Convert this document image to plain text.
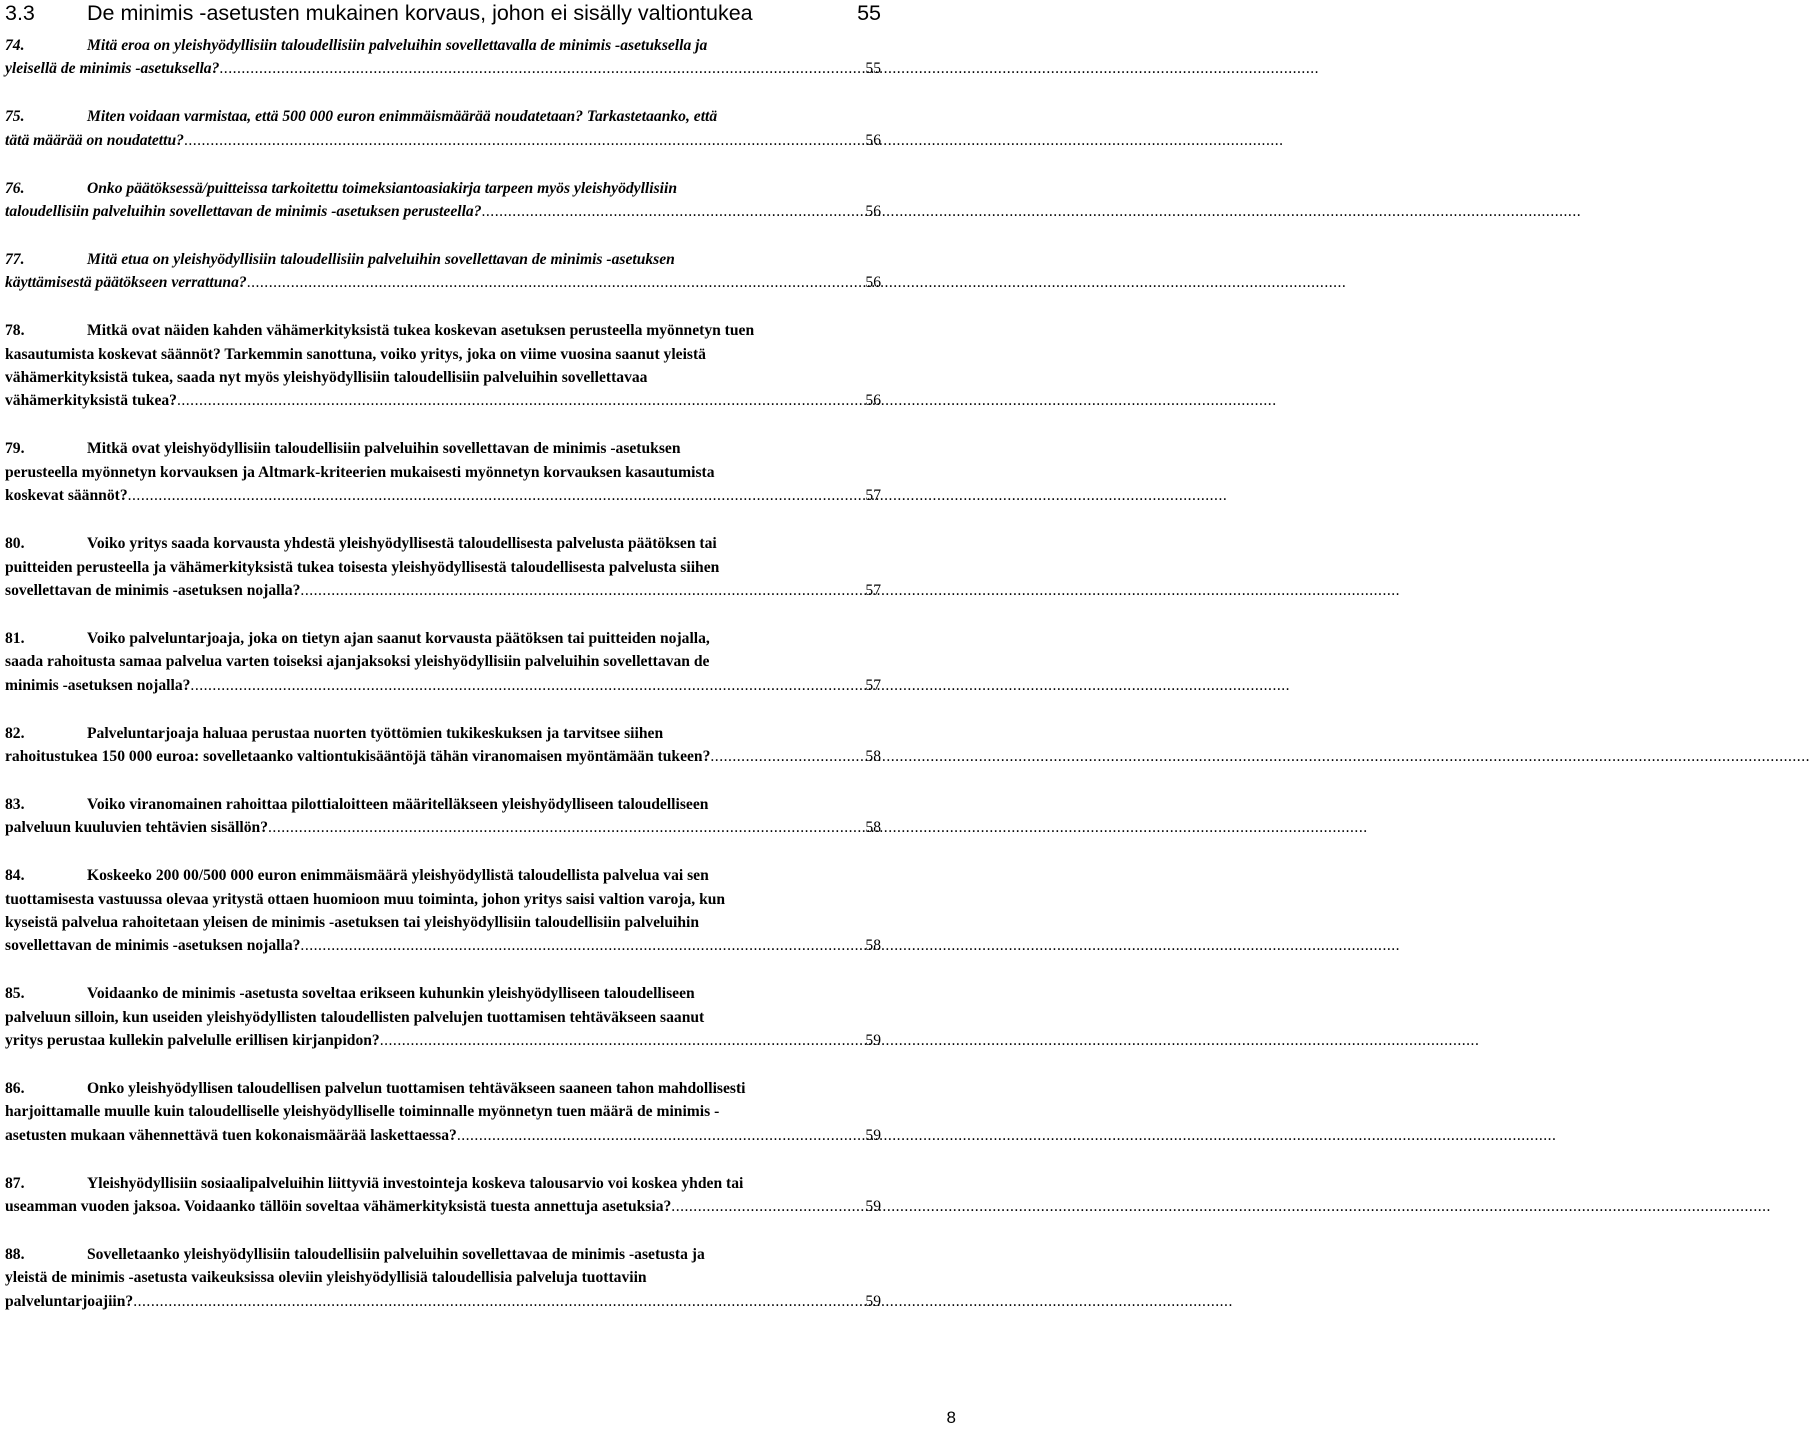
3.3 De minimis -asetusten mukainen korvaus, johon ei sisälly valtiontukea	55
74.	Mitä eroa on yleishyödyllisiin taloudellisiin palveluihin sovellettavalla de minimis -asetuksella ja
yleisellä de minimis -asetuksella? .....	55
75.	Miten voidaan varmistaa, että 500 000 euron enimmäismäärää noudatetaan? Tarkastetaanko, että
tätä määrää on noudatettu? .....	56
76.	Onko päätöksessä/puitteissa tarkoitettu toimeksiantoasiakirja tarpeen myös yleishyödyllisiin
taloudellisiin palveluihin sovellettavan de minimis -asetuksen perusteella? .....	56
77.	Mitä etua on yleishyödyllisiin taloudellisiin palveluihin sovellettavan de minimis -asetuksen
käyttämisestä päätökseen verrattuna? .....	56
78.	Mitkä ovat näiden kahden vähämerkityksistä tukea koskevan asetuksen perusteella myönnetyn tuen
kasautumista koskevat säännöt? Tarkemmin sanottuna, voiko yritys, joka on viime vuosina saanut yleistä
vähämerkityksistä tukea, saada nyt myös yleishyödyllisiin taloudellisiin palveluihin sovellettavaa
vähämerkityksistä tukea? .....	56
79.	Mitkä ovat yleishyödyllisiin taloudellisiin palveluihin sovellettavan de minimis -asetuksen
perusteella myönnetyn korvauksen ja Altmark-kriteerien mukaisesti myönnetyn korvauksen kasautumista
koskevat säännöt? .....	57
80.	Voiko yritys saada korvausta yhdestä yleishyödyllisestä taloudellisesta palvelusta päätöksen tai
puitteiden perusteella ja vähämerkityksistä tukea toisesta yleishyödyllisestä taloudellisesta palvelusta siihen
sovellettavan de minimis -asetuksen nojalla? .....	57
81.	Voiko palveluntarjoaja, joka on tietyn ajan saanut korvausta päätöksen tai puitteiden nojalla,
saada rahoitusta samaa palvelua varten toiseksi ajanjaksoksi yleishyödyllisiin palveluihin sovellettavan de
minimis -asetuksen nojalla? .....	57
82.	Palveluntarjoaja haluaa perustaa nuorten työttömien tukikeskuksen ja tarvitsee siihen
rahoitustukea 150 000 euroa: sovelletaanko valtiontukisääntöjä tähän viranomaisen myöntämään tukeen? .....	58
83.	Voiko viranomainen rahoittaa pilottialoitteen määritelläkseen yleishyödylliseen taloudelliseen
palveluun kuuluvien tehtävien sisällön? .....	58
84.	Koskeeko 200 00/500 000 euron enimmäismäärä yleishyödyllistä taloudellista palvelua vai sen
tuottamisesta vastuussa olevaa yritystä ottaen huomioon muu toiminta, johon yritys saisi valtion varoja, kun
kyseistä palvelua rahoitetaan yleisen de minimis -asetuksen tai yleishyödyllisiin taloudellisiin palveluihin
sovellettavan de minimis -asetuksen nojalla? .....	58
85.	Voidaanko de minimis -asetusta soveltaa erikseen kuhunkin yleishyödylliseen taloudelliseen
palveluun silloin, kun useiden yleishyödyllisten taloudellisten palvelujen tuottamisen tehtäväkseen saanut
yritys perustaa kullekin palvelulle erillisen kirjanpidon? .....	59
86.	Onko yleishyödyllisen taloudellisen palvelun tuottamisen tehtäväkseen saaneen tahon mahdollisesti
harjoittamalle muulle kuin taloudelliselle yleishyödylliselle toiminnalle myönnetyn tuen määrä de minimis -
asetusten mukaan vähennettävä tuen kokonaismäärää laskettaessa? .....	59
87.	Yleishyödyllisiin sosiaalipalveluihin liittyviä investointeja koskeva talousarvio voi koskea yhden tai
useamman vuoden jaksoa. Voidaanko tällöin soveltaa vähämerkityksistä tuesta annettuja asetuksia? .....	59
88.	Sovelletaanko yleishyödyllisiin taloudellisiin palveluihin sovellettavaa de minimis -asetusta ja
yleistä de minimis -asetusta vaikeuksissa oleviin yleishyödyllisiä taloudellisia palveluja tuottaviin
palveluntarjoajiin? .....	59
8
